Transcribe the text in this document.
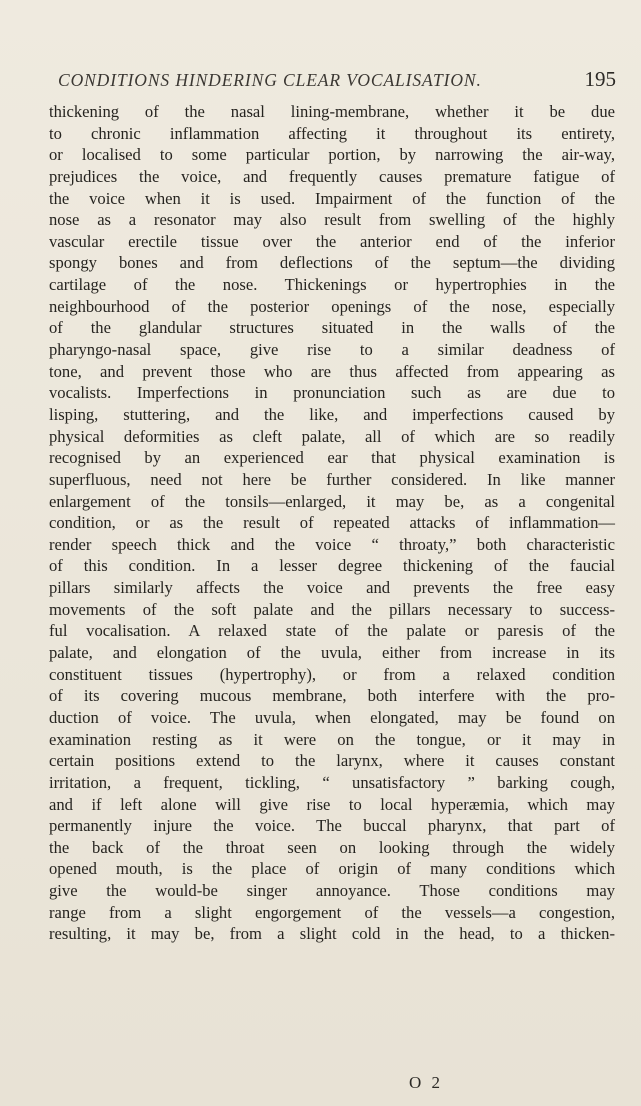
CONDITIONS HINDERING CLEAR VOCALISATION.	195
thickening of the nasal lining-membrane, whether it be due
to chronic inflammation affecting it throughout its entirety,
or localised to some particular portion, by narrowing the air-way,
prejudices the voice, and frequently causes premature fatigue of
the voice when it is used. Impairment of the function of the
nose as a resonator may also result from swelling of the highly
vascular erectile tissue over the anterior end of the inferior
spongy bones and from deflections of the septum—the dividing
cartilage of the nose. Thickenings or hypertrophies in the
neighbourhood of the posterior openings of the nose, especially
of the glandular structures situated in the walls of the
pharyngo-nasal space, give rise to a similar deadness of
tone, and prevent those who are thus affected from appearing as
vocalists. Imperfections in pronunciation such as are due to
lisping, stuttering, and the like, and imperfections caused by
physical deformities as cleft palate, all of which are so readily
recognised by an experienced ear that physical examination is
superfluous, need not here be further considered. In like manner
enlargement of the tonsils—enlarged, it may be, as a congenital
condition, or as the result of repeated attacks of inflammation—
render speech thick and the voice “ throaty,” both characteristic
of this condition. In a lesser degree thickening of the faucial
pillars similarly affects the voice and prevents the free easy
movements of the soft palate and the pillars necessary to success-
ful vocalisation. A relaxed state of the palate or paresis of the
palate, and elongation of the uvula, either from increase in its
constituent tissues (hypertrophy), or from a relaxed condition
of its covering mucous membrane, both interfere with the pro-
duction of voice. The uvula, when elongated, may be found on
examination resting as it were on the tongue, or it may in
certain positions extend to the larynx, where it causes constant
irritation, a frequent, tickling, “ unsatisfactory ” barking cough,
and if left alone will give rise to local hyperæmia, which may
permanently injure the voice. The buccal pharynx, that part of
the back of the throat seen on looking through the widely
opened mouth, is the place of origin of many conditions which
give the would-be singer annoyance. Those conditions may
range from a slight engorgement of the vessels—a congestion,
resulting, it may be, from a slight cold in the head, to a thicken-
O 2
